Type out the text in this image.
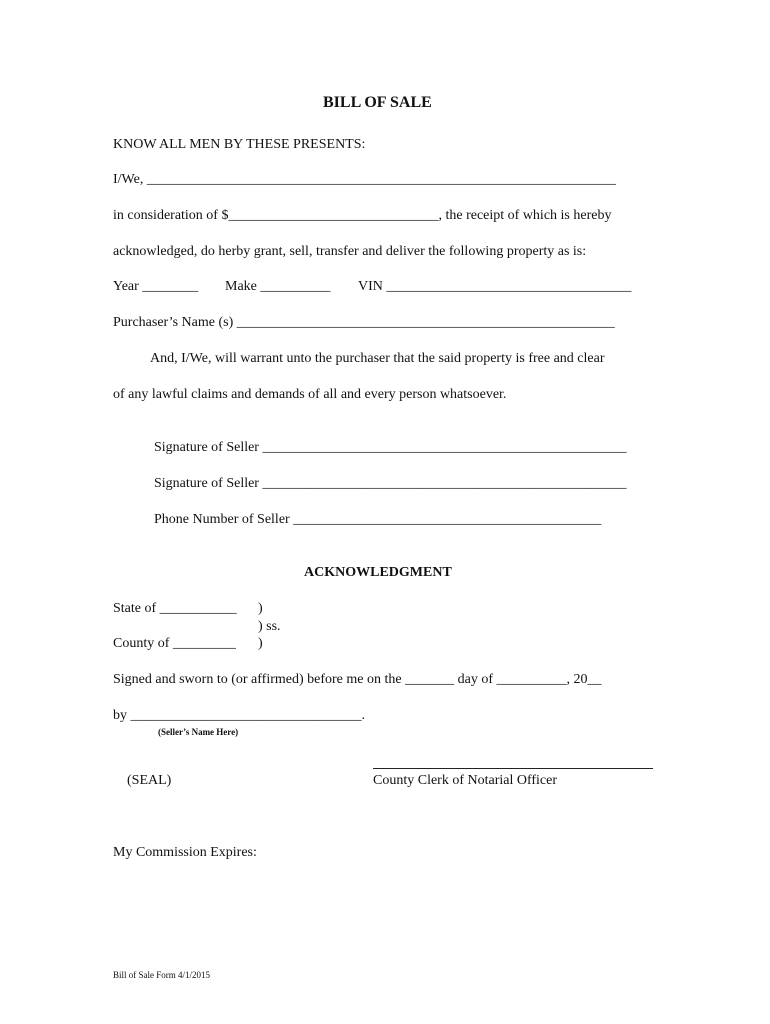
BILL OF SALE
KNOW ALL MEN BY THESE PRESENTS:
I/We, ___________________________________________________________________
in consideration of $______________________________, the receipt of which is hereby
acknowledged, do herby grant, sell, transfer and deliver the following property as is:
Year ________ Make __________ VIN ___________________________________
Purchaser’s Name (s) ______________________________________________________
And, I/We, will warrant unto the purchaser that the said property is free and clear
of any lawful claims and demands of all and every person whatsoever.
Signature of Seller ____________________________________________________
Signature of Seller ____________________________________________________
Phone Number of Seller ____________________________________________
ACKNOWLEDGMENT
State of ___________ )
) ss.
County of _________ )
Signed and sworn to (or affirmed) before me on the _______ day of __________, 20__
by _________________________________.
(Seller’s Name Here)
(SEAL)	County Clerk of Notarial Officer
My Commission Expires:
Bill of Sale Form 4/1/2015
